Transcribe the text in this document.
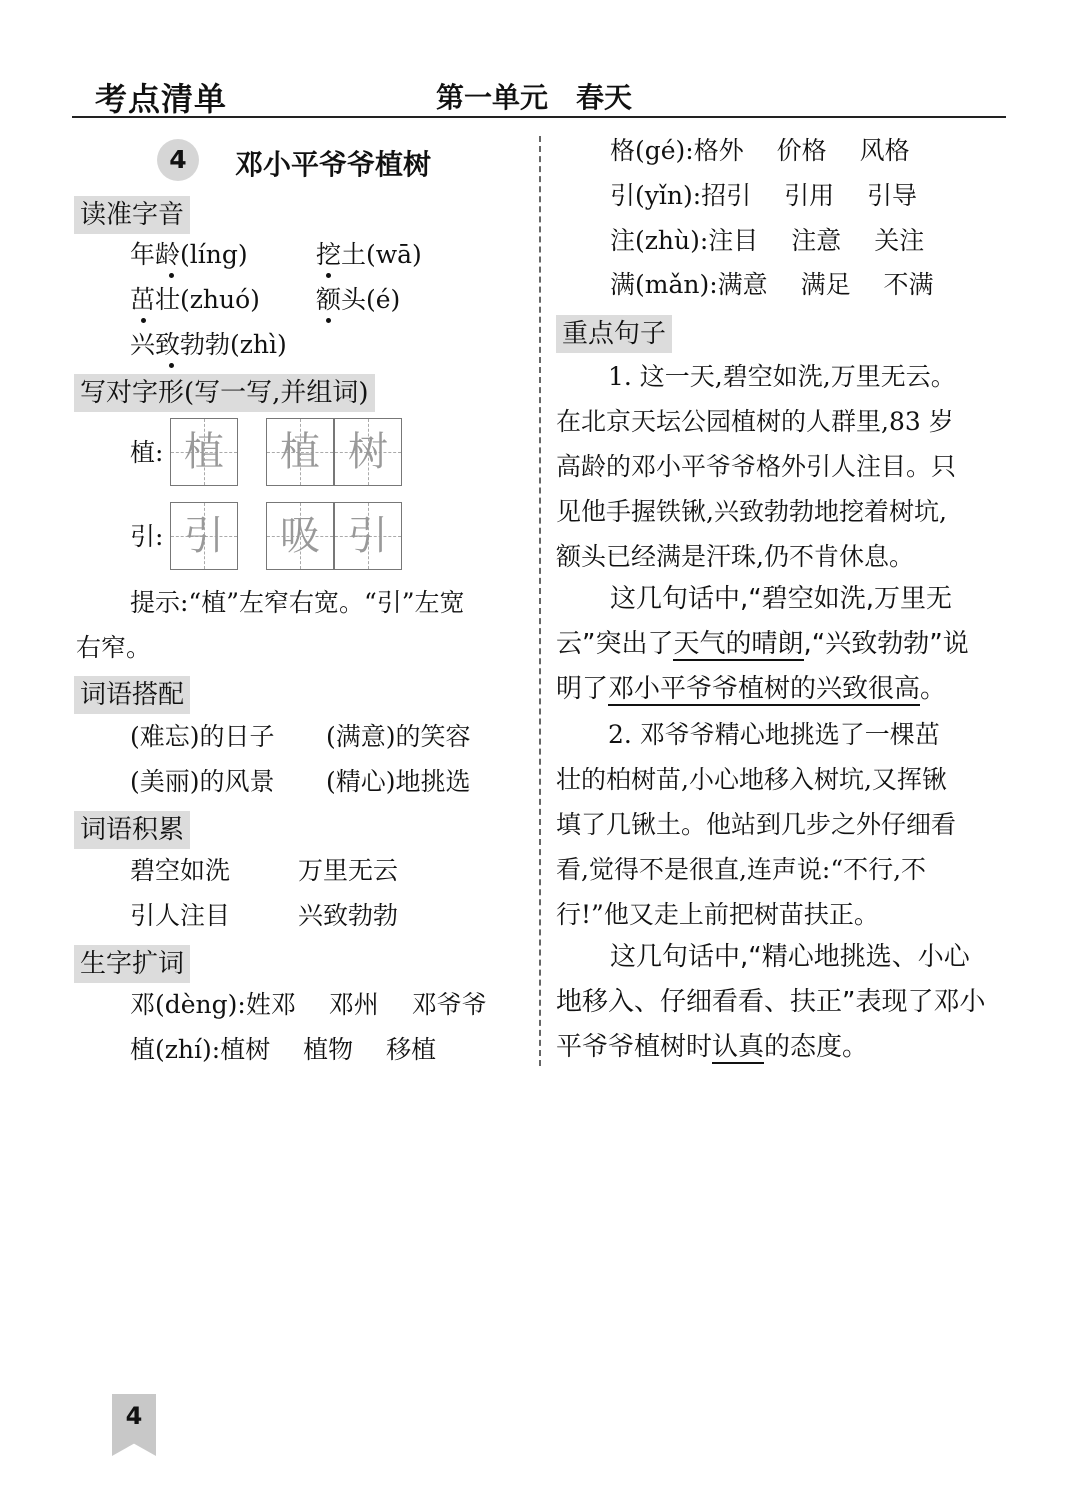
考点清单	第一单元　春天
4	邓小平爷爷植树
读准字音
年龄(líng)	挖土(wā)
茁壮(zhuó) 额头(é)
兴致勃勃(zhì)
写对字形(写一写,并组词)
植: 植	植 树
引: 引	吸 引
提示:“植”左窄右宽。“引”左宽
右窄。
词语搭配
(难忘)的日子 (满意)的笑容
(美丽)的风景 (精心)地挑选
词语积累
碧空如洗	万里无云
引人注目	兴致勃勃
生字扩词
邓(dèng):姓邓　 邓州　 邓爷爷
植(zhí):植树　 植物　 移植
格(gé):格外　 价格　 风格
引(yǐn):招引　 引用　 引导
注(zhù):注目　 注意　 关注
满(mǎn):满意　 满足　 不满
重点句子
1. 这一天,碧空如洗,万里无云。
在北京天坛公园植树的人群里,83 岁
高龄的邓小平爷爷格外引人注目。只
见他手握铁锹,兴致勃勃地挖着树坑,
额头已经满是汗珠,仍不肯休息。
这几句话中,“碧空如洗,万里无
云”突出了天气的晴朗,“兴致勃勃”说
明了邓小平爷爷植树的兴致很高。
2. 邓爷爷精心地挑选了一棵茁
壮的柏树苗,小心地移入树坑,又挥锹
填了几锹土。他站到几步之外仔细看
看,觉得不是很直,连声说:“不行,不
行!”他又走上前把树苗扶正。
这几句话中,“精心地挑选、小心
地移入、仔细看看、扶正”表现了邓小
平爷爷植树时认真的态度。
4
